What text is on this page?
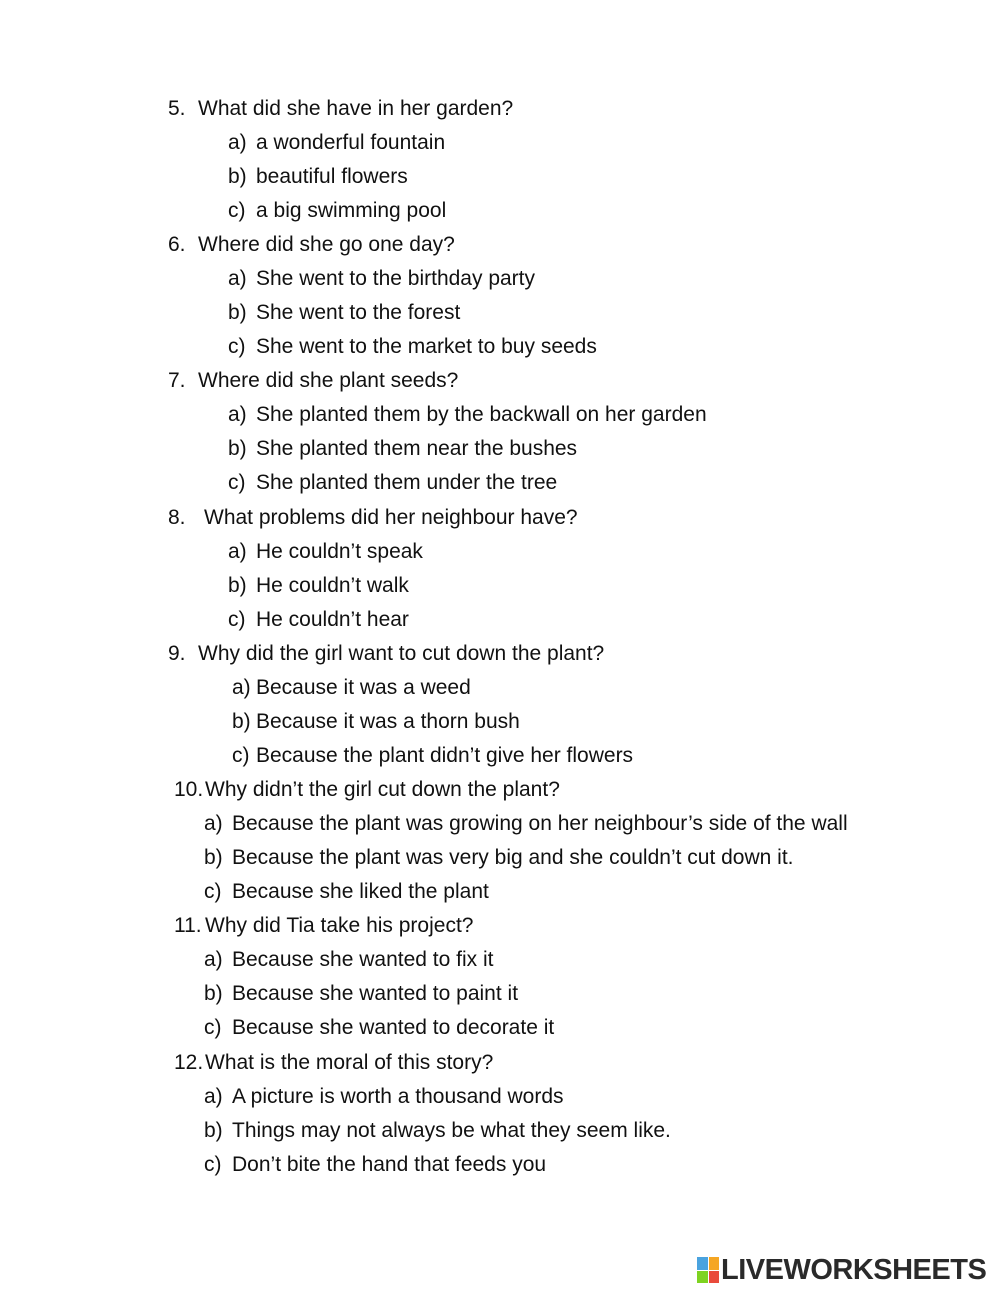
5. What did she have in her garden?
a) a wonderful fountain
b) beautiful flowers
c) a big swimming pool
6. Where did she go one day?
a) She went to the birthday party
b) She went to the forest
c) She went to the market to buy seeds
7. Where did she plant seeds?
a) She planted them by the backwall on her garden
b) She planted them near the bushes
c) She planted them under the tree
8. What problems did her neighbour have?
a) He couldn’t speak
b) He couldn’t walk
c) He couldn’t hear
9. Why did the girl want to cut down the plant?
a) Because it was a weed
b) Because it was a thorn bush
c) Because the plant didn’t give her flowers
10. Why didn’t the girl cut down the plant?
a) Because the plant was growing on her neighbour’s side of the wall
b) Because the plant was very big and she couldn’t cut down it.
c) Because she liked the plant
11. Why did Tia take his project?
a) Because she wanted to fix it
b) Because she wanted to paint it
c) Because she wanted to decorate it
12. What is the moral of this story?
a) A picture is worth a thousand words
b) Things may not always be what they seem like.
c) Don’t bite the hand that feeds you
LIVEWORKSHEETS
